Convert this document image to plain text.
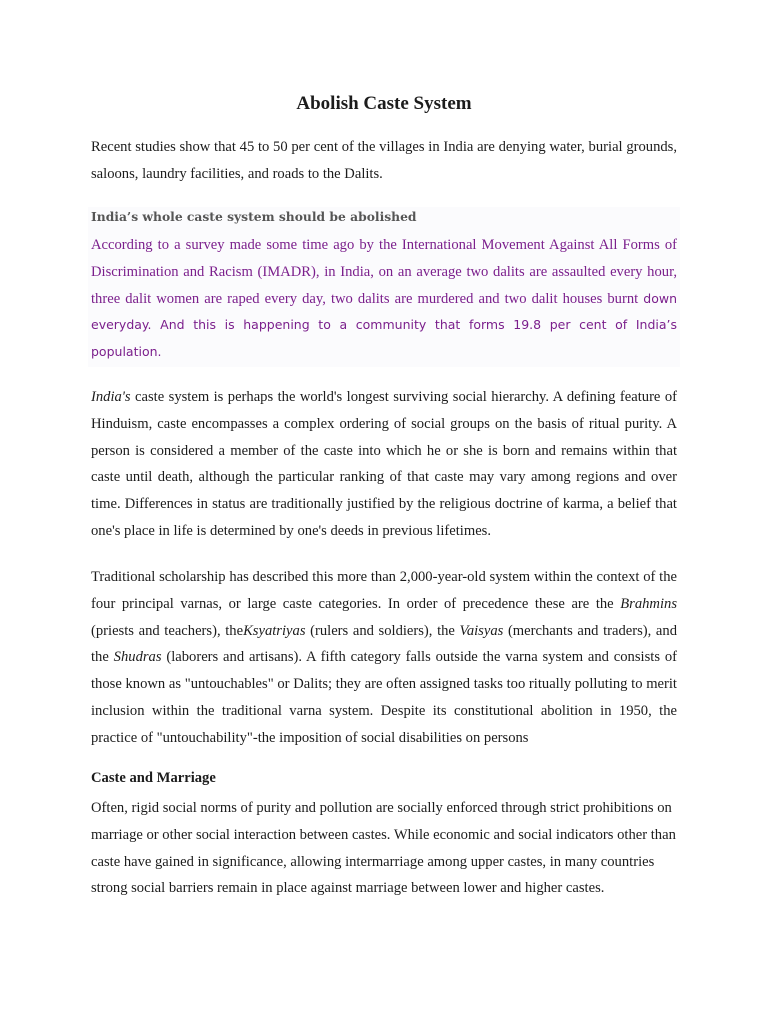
Abolish Caste System

Recent studies show that 45 to 50 per cent of the villages in India are denying water, burial grounds, saloons, laundry facilities, and roads to the Dalits.

India’s whole caste system should be abolished

According to a survey made some time ago by the International Movement Against All Forms of Discrimination and Racism (IMADR), in India, on an average two dalits are assaulted every hour, three dalit women are raped every day, two dalits are murdered and two dalit houses burnt down everyday. And this is happening to a community that forms 19.8 per cent of India’s population.

India's caste system is perhaps the world's longest surviving social hierarchy. A defining feature of Hinduism, caste encompasses a complex ordering of social groups on the basis of ritual purity. A person is considered a member of the caste into which he or she is born and remains within that caste until death, although the particular ranking of that caste may vary among regions and over time. Differences in status are traditionally justified by the religious doctrine of karma, a belief that one's place in life is determined by one's deeds in previous lifetimes.

Traditional scholarship has described this more than 2,000-year-old system within the context of the four principal varnas, or large caste categories. In order of precedence these are the Brahmins (priests and teachers), theKsyatriyas (rulers and soldiers), the Vaisyas (merchants and traders), and the Shudras (laborers and artisans). A fifth category falls outside the varna system and consists of those known as "untouchables" or Dalits; they are often assigned tasks too ritually polluting to merit inclusion within the traditional varna system. Despite its constitutional abolition in 1950, the practice of "untouchability"-the imposition of social disabilities on persons

Caste and Marriage

Often, rigid social norms of purity and pollution are socially enforced through strict prohibitions on marriage or other social interaction between castes. While economic and social indicators other than caste have gained in significance, allowing intermarriage among upper castes, in many countries strong social barriers remain in place against marriage between lower and higher castes.
